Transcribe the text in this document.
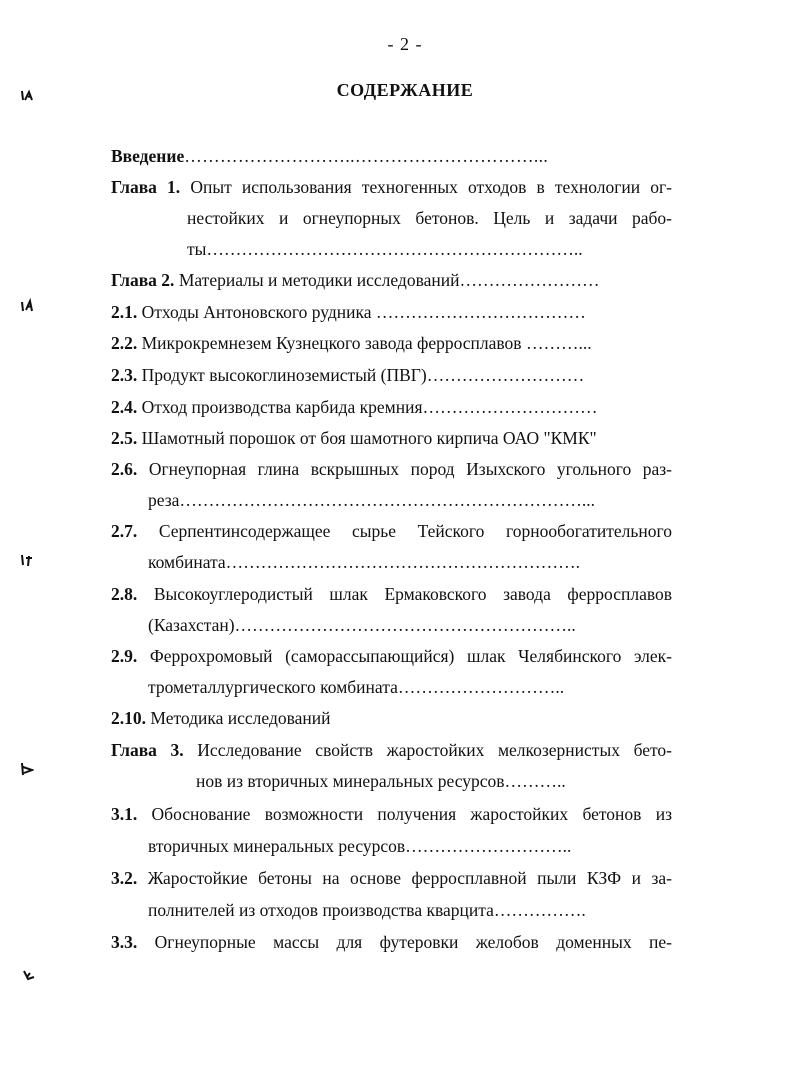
- 2 -
СОДЕРЖАНИЕ
Введение………………………..…………………………...
Глава 1. Опыт использования техногенных отходов в технологии ог-
нестойких и огнеупорных бетонов. Цель и задачи рабо-
ты………………………………………………………..
Глава 2. Материалы и методики исследований……………………
2.1. Отходы Антоновского рудника ………………………………
2.2. Микрокремнезем Кузнецкого завода ферросплавов ………...
2.3. Продукт высокоглиноземистый (ПВГ)………………………
2.4. Отход производства карбида кремния…………………………
2.5. Шамотный порошок от боя шамотного кирпича ОАО "КМК"
2.6. Огнеупорная глина вскрышных пород Изыхского угольного раз-
реза……………………………………………………………...
2.7. Серпентинсодержащее сырье Тейского горнообогатительного
комбината…………………………………………………….
2.8. Высокоуглеродистый шлак Ермаковского завода ферросплавов
(Казахстан)…………………………………………………..
2.9. Феррохромовый (саморассыпающийся) шлак Челябинского элек-
трометаллургического комбината………………………..
2.10. Методика исследований
Глава 3. Исследование свойств жаростойких мелкозернистых бето-
нов из вторичных минеральных ресурсов………..
3.1. Обоснование возможности получения жаростойких бетонов из
вторичных минеральных ресурсов………………………..
3.2. Жаростойкие бетоны на основе ферросплавной пыли КЗФ и за-
полнителей из отходов производства кварцита…………….
3.3. Огнеупорные массы для футеровки желобов доменных пе-
